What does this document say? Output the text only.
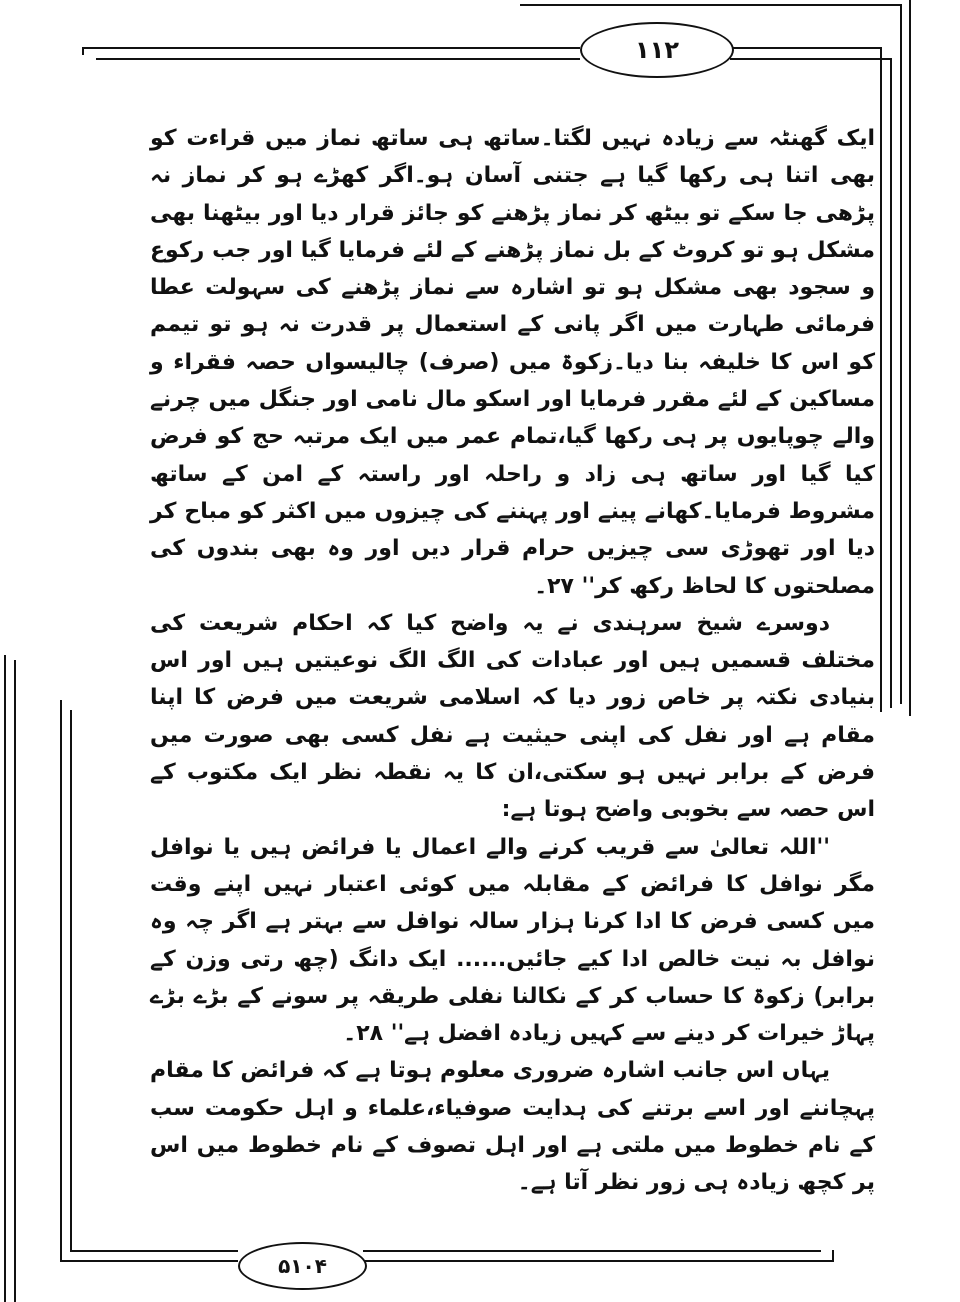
۱۱۲

ایک گھنٹہ سے زیادہ نہیں لگتا۔ساتھ ہی ساتھ نماز میں قراءت کو بھی اتنا ہی رکھا گیا ہے جتنی آسان ہو۔اگر کھڑے ہو کر نماز نہ پڑھی جا سکے تو بیٹھ کر نماز پڑھنے کو جائز قرار دیا اور بیٹھنا بھی مشکل ہو تو کروٹ کے بل نماز پڑھنے کے لئے فرمایا گیا اور جب رکوع و سجود بھی مشکل ہو تو اشارہ سے نماز پڑھنے کی سہولت عطا فرمائی طہارت میں اگر پانی کے استعمال پر قدرت نہ ہو تو تیمم کو اس کا خلیفہ بنا دیا۔زکوۃ میں (صرف) چالیسواں حصہ فقراء و مساکین کے لئے مقرر فرمایا اور اسکو مال نامی اور جنگل میں چرنے والے چوپایوں پر ہی رکھا گیا،تمام عمر میں ایک مرتبہ حج کو فرض کیا گیا اور ساتھ ہی زاد و راحلہ اور راستہ کے امن کے ساتھ مشروط فرمایا۔کھانے پینے اور پہننے کی چیزوں میں اکثر کو مباح کر دیا اور تھوڑی سی چیزیں حرام قرار دیں اور وہ بھی بندوں کی مصلحتوں کا لحاظ رکھ کر'' ۲۷۔

دوسرے شیخ سرہندی نے یہ واضح کیا کہ احکام شریعت کی مختلف قسمیں ہیں اور عبادات کی الگ الگ نوعیتیں ہیں اور اس بنیادی نکتہ پر خاص زور دیا کہ اسلامی شریعت میں فرض کا اپنا مقام ہے اور نفل کی اپنی حیثیت ہے نفل کسی بھی صورت میں فرض کے برابر نہیں ہو سکتی،ان کا یہ نقطہ نظر ایک مکتوب کے اس حصہ سے بخوبی واضح ہوتا ہے:

''اللہ تعالیٰ سے قریب کرنے والے اعمال یا فرائض ہیں یا نوافل مگر نوافل کا فرائض کے مقابلہ میں کوئی اعتبار نہیں اپنے وقت میں کسی فرض کا ادا کرنا ہزار سالہ نوافل سے بہتر ہے اگر چہ وہ نوافل بہ نیت خالص ادا کیے جائیں...... ایک دانگ (چھ رتی وزن کے برابر) زکوۃ کا حساب کر کے نکالنا نفلی طریقہ پر سونے کے بڑے بڑے پہاڑ خیرات کر دینے سے کہیں زیادہ افضل ہے'' ۲۸۔

یہاں اس جانب اشارہ ضروری معلوم ہوتا ہے کہ فرائض کا مقام پہچاننے اور اسے برتنے کی ہدایت صوفیاء،علماء و اہل حکومت سب کے نام خطوط میں ملتی ہے اور اہل تصوف کے نام خطوط میں اس پر کچھ زیادہ ہی زور نظر آتا ہے۔

۵۱۰۴
